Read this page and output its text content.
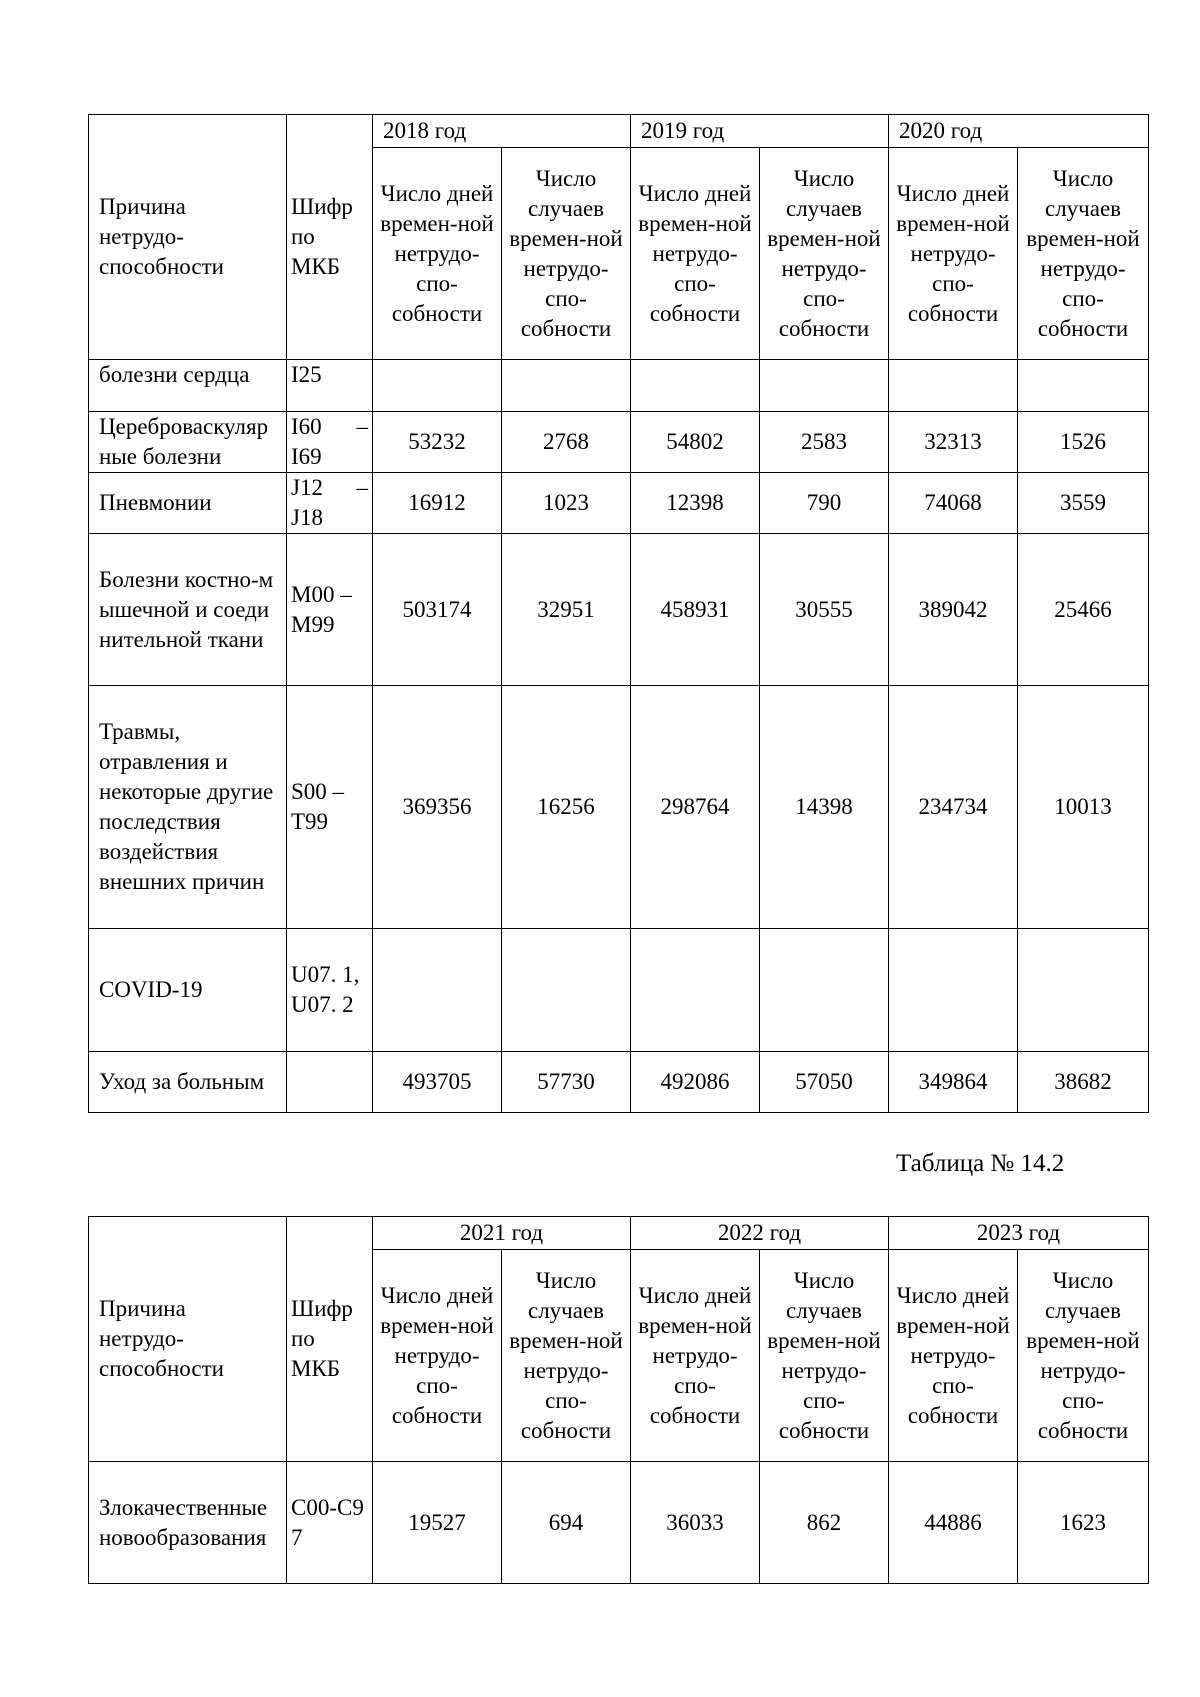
Причина нетрудо-способности	Шифр по МКБ	2018 год		2019 год		2020 год	
		Число дней времен-ной нетрудо-спо-собности	Число случаев времен-ной нетрудо-спо-собности	Число дней времен-ной нетрудо-спо-собности	Число случаев времен-ной нетрудо-спо-собности	Число дней времен-ной нетрудо-спо-собности	Число случаев времен-ной нетрудо-спо-собности
болезни сердца	I25						
Цереброваскулярные болезни	I60 – I69	53232	2768	54802	2583	32313	1526
Пневмонии	J12 – J18	16912	1023	12398	790	74068	3559
Болезни костно-мышечной и соединительной ткани	M00 – M99	503174	32951	458931	30555	389042	25466
Травмы, отравления и некоторые другие последствия воздействия внешних причин	S00 – T99	369356	16256	298764	14398	234734	10013
COVID-19	U07. 1, U07. 2						
Уход за больным		493705	57730	492086	57050	349864	38682
Таблица № 14.2
Причина нетрудо-способности	Шифр по МКБ	2021 год		2022 год		2023 год	
		Число дней времен-ной нетрудо-спо-собности	Число случаев времен-ной нетрудо-спо-собности	Число дней времен-ной нетрудо-спо-собности	Число случаев времен-ной нетрудо-спо-собности	Число дней времен-ной нетрудо-спо-собности	Число случаев времен-ной нетрудо-спо-собности
Злокачественные новообразования	C00-C97	19527	694	36033	862	44886	1623
